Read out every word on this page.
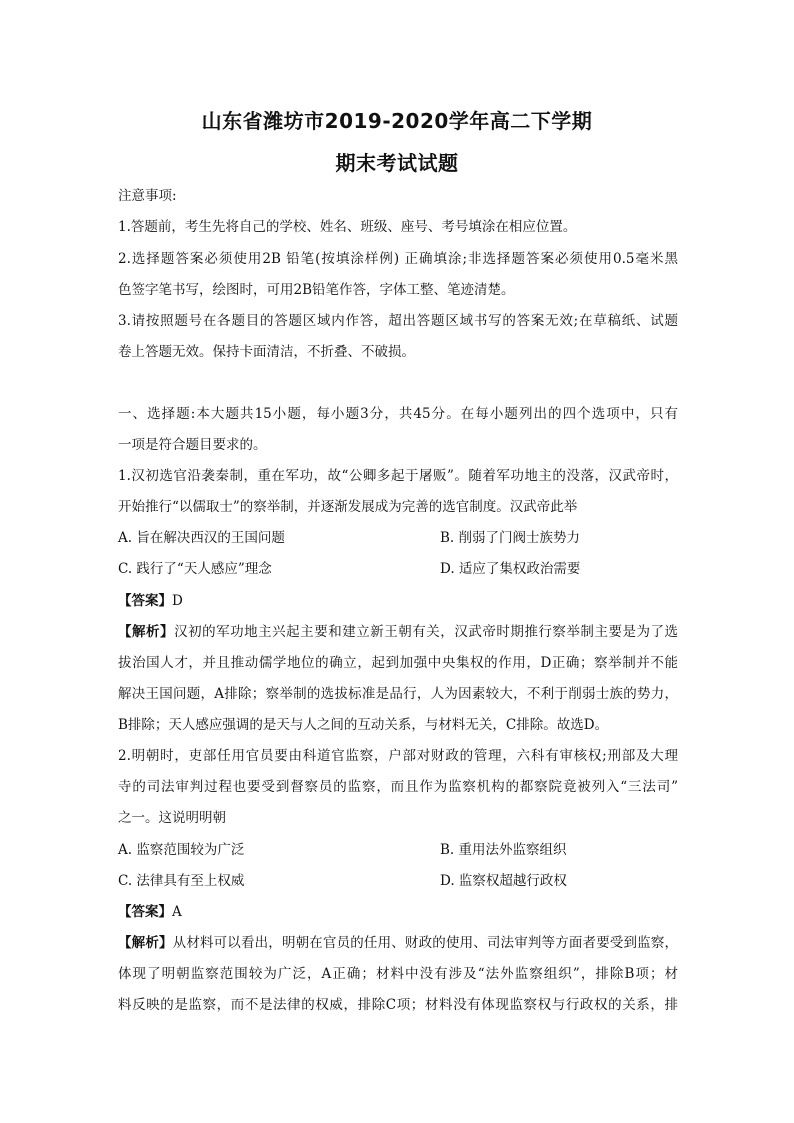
山东省潍坊市2019-2020学年高二下学期
期末考试试题
注意事项:
1.答题前，考生先将自己的学校、姓名、班级、座号、考号填涂在相应位置。
2.选择题答案必须使用2B 铅笔(按填涂样例) 正确填涂;非选择题答案必须使用0.5毫米黑
色签字笔书写，绘图时，可用2B铅笔作答，字体工整、笔迹清楚。
3.请按照题号在各题目的答题区域内作答，超出答题区域书写的答案无效;在草稿纸、试题
卷上答题无效。保持卡面清洁，不折叠、不破损。
一、选择题:本大题共15小题，每小题3分，共45分。在每小题列出的四个选项中，只有
一项是符合题目要求的。
1.汉初选官沿袭秦制，重在军功，故“公卿多起于屠贩”。随着军功地主的没落，汉武帝时，
开始推行“以儒取士”的察举制，并逐渐发展成为完善的选官制度。汉武帝此举
A. 旨在解决西汉的王国问题	B. 削弱了门阀士族势力
C. 践行了“天人感应”理念	D. 适应了集权政治需要
【答案】D
【解析】汉初的军功地主兴起主要和建立新王朝有关，汉武帝时期推行察举制主要是为了选
拔治国人才，并且推动儒学地位的确立，起到加强中央集权的作用，D正确；察举制并不能
解决王国问题，A排除；察举制的选拔标准是品行，人为因素较大，不利于削弱士族的势力，
B排除；天人感应强调的是天与人之间的互动关系，与材料无关，C排除。故选D。
2.明朝时，吏部任用官员要由科道官监察，户部对财政的管理，六科有审核权;刑部及大理
寺的司法审判过程也要受到督察员的监察，而且作为监察机构的都察院竟被列入“三法司”
之一。这说明明朝
A. 监察范围较为广泛	B. 重用法外监察组织
C. 法律具有至上权威	D. 监察权超越行政权
【答案】A
【解析】从材料可以看出，明朝在官员的任用、财政的使用、司法审判等方面者要受到监察，
体现了明朝监察范围较为广泛，A正确；材料中没有涉及“法外监察组织”，排除B项；材
料反映的是监察，而不是法律的权威，排除C项；材料没有体现监察权与行政权的关系，排
